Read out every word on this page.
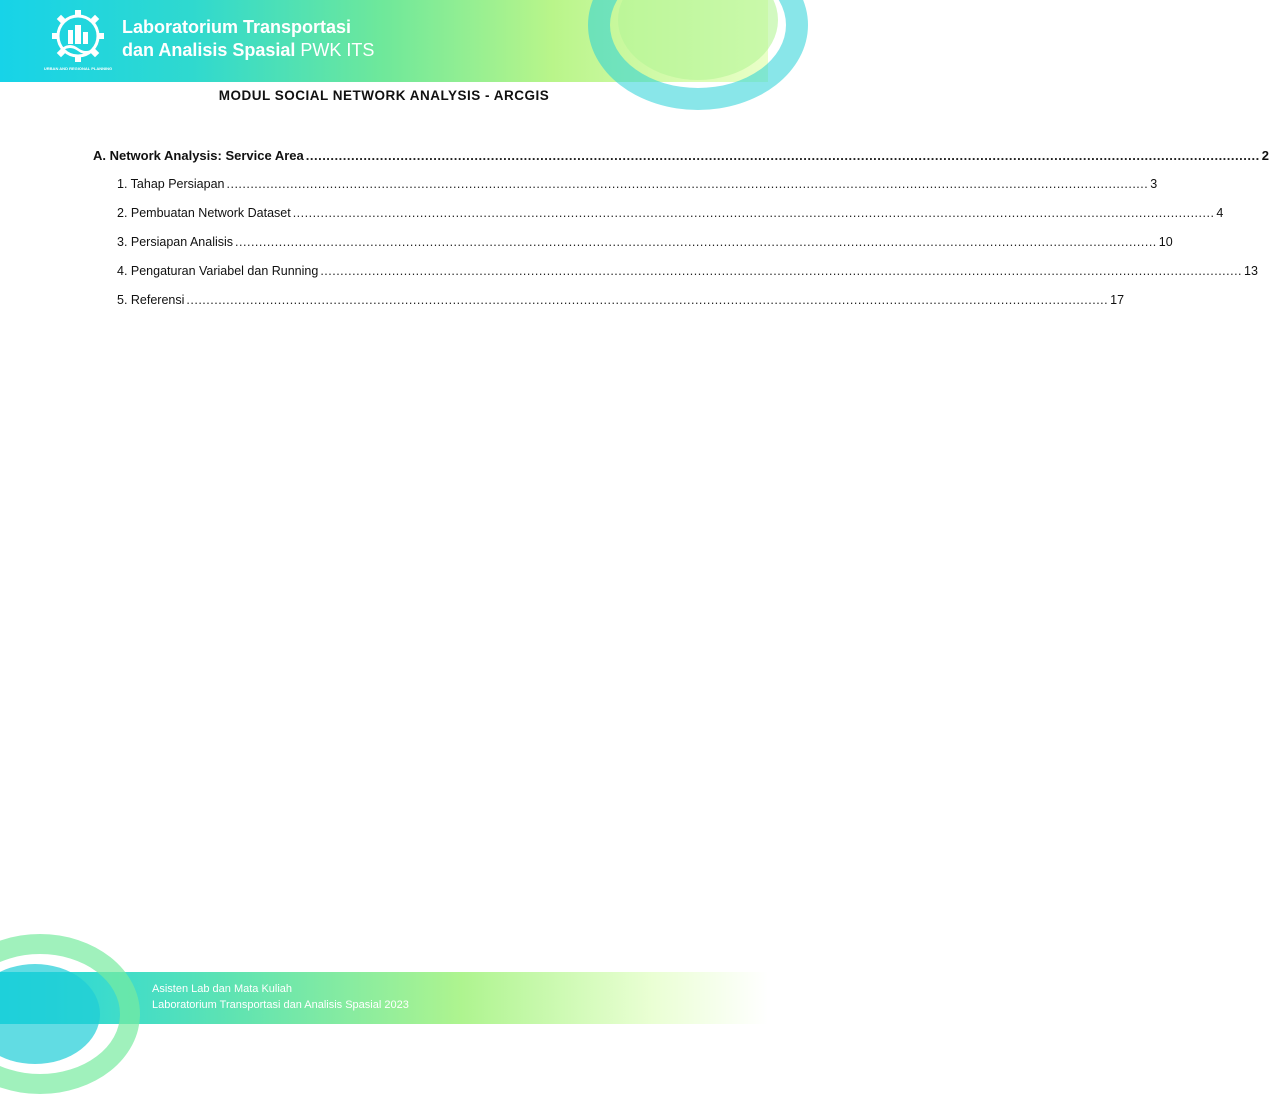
URBAN AND REGIONAL PLANNING
Laboratorium Transportasi
dan Analisis Spasial PWK ITS
MODUL SOCIAL NETWORK ANALYSIS - ARCGIS
A. Network Analysis: Service Area .....	2
1. Tahap Persiapan .....	3
2. Pembuatan Network Dataset .....	4
3. Persiapan Analisis .....	10
4. Pengaturan Variabel dan Running .....	13
5. Referensi .....	17
Asisten Lab dan Mata Kuliah
Laboratorium Transportasi dan Analisis Spasial 2023
